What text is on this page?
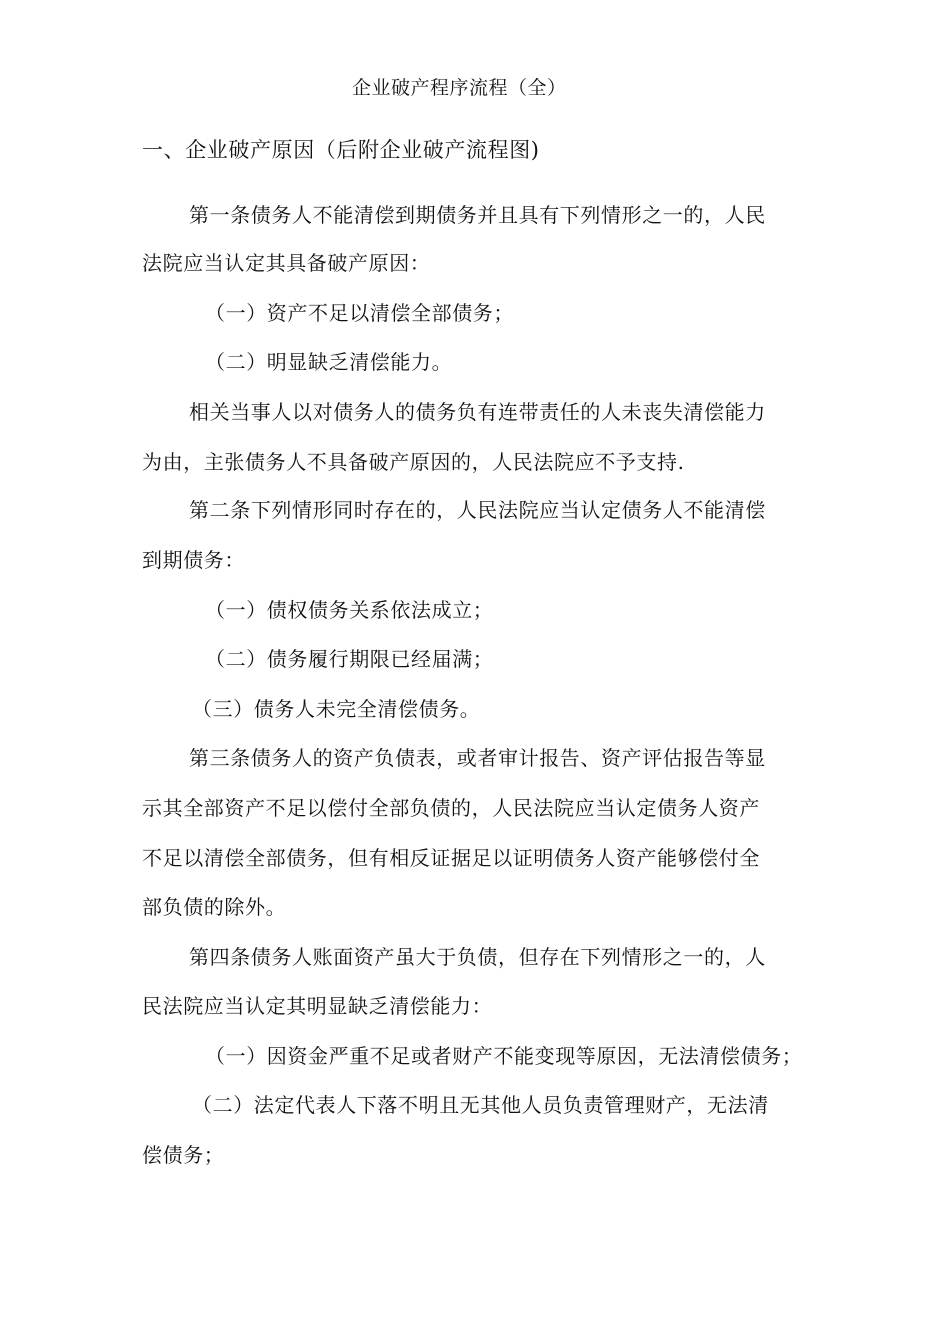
企业破产程序流程（全）
一、企业破产原因（后附企业破产流程图)
第一条债务人不能清偿到期债务并且具有下列情形之一的，人民
法院应当认定其具备破产原因：
（一）资产不足以清偿全部债务；
（二）明显缺乏清偿能力。
相关当事人以对债务人的债务负有连带责任的人未丧失清偿能力
为由，主张债务人不具备破产原因的，人民法院应不予支持.
第二条下列情形同时存在的，人民法院应当认定债务人不能清偿
到期债务：
（一）债权债务关系依法成立；
（二）债务履行期限已经届满；
（三）债务人未完全清偿债务。
第三条债务人的资产负债表，或者审计报告、资产评估报告等显
示其全部资产不足以偿付全部负债的，人民法院应当认定债务人资产
不足以清偿全部债务，但有相反证据足以证明债务人资产能够偿付全
部负债的除外。
第四条债务人账面资产虽大于负债，但存在下列情形之一的，人
民法院应当认定其明显缺乏清偿能力：
（一）因资金严重不足或者财产不能变现等原因，无法清偿债务；
（二）法定代表人下落不明且无其他人员负责管理财产，无法清
偿债务；
